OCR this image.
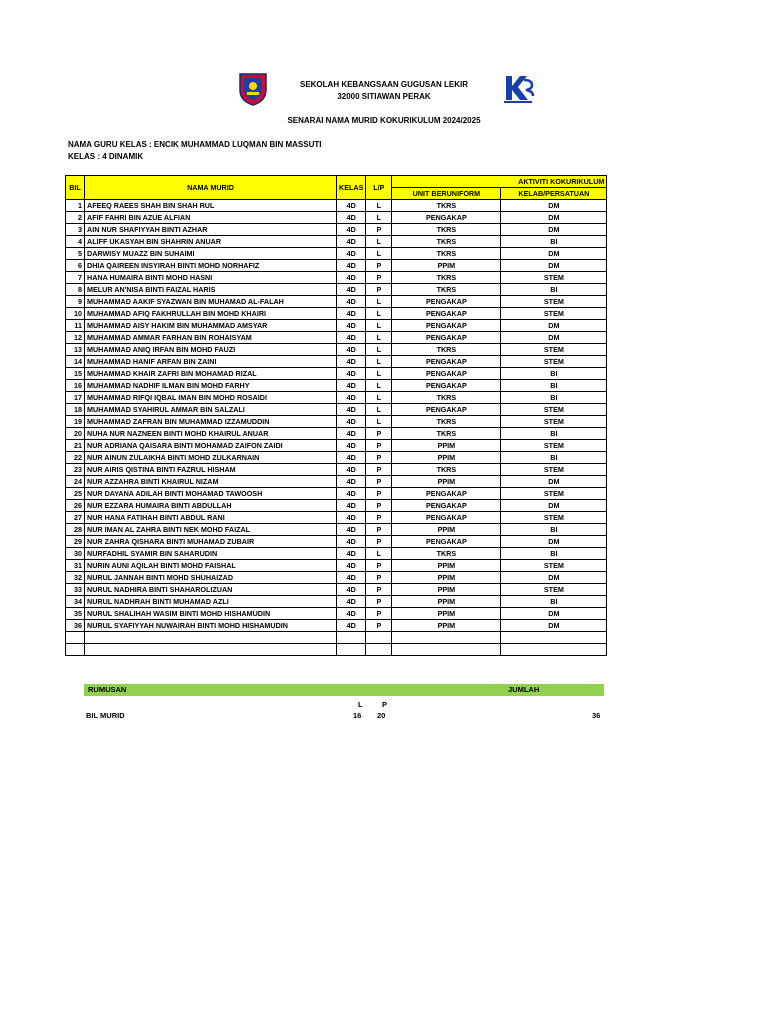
SEKOLAH KEBANGSAAN GUGUSAN LEKIR
32000 SITIAWAN PERAK
SENARAI NAMA MURID KOKURIKULUM 2024/2025
NAMA GURU KELAS : ENCIK MUHAMMAD LUQMAN BIN MASSUTI
KELAS : 4 DINAMIK
BIL	NAMA MURID	KELAS	L/P	AKTIVITI KOKURIKULUM	
				UNIT BERUNIFORM	KELAB/PERSATUAN
1	AFEEQ RAEES SHAH BIN SHAH RUL	4D	L	TKRS	DM
2	AFIF FAHRI BIN AZUE ALFIAN	4D	L	PENGAKAP	DM
3	AIN NUR SHAFIYYAH BINTI AZHAR	4D	P	TKRS	DM
4	ALIFF UKASYAH BIN SHAHRIN ANUAR	4D	L	TKRS	BI
5	DARWISY MUAZZ BIN SUHAIMI	4D	L	TKRS	DM
6	DHIA QAIREEN INSYIRAH BINTI MOHD NORHAFIZ	4D	P	PPIM	DM
7	HANA HUMAIRA BINTI MOHD HASNI	4D	P	TKRS	STEM
8	MELUR AN'NISA BINTI FAIZAL HARIS	4D	P	TKRS	BI
9	MUHAMMAD AAKIF SYAZWAN BIN MUHAMAD AL-FALAH	4D	L	PENGAKAP	STEM
10	MUHAMMAD AFIQ FAKHRULLAH BIN MOHD KHAIRI	4D	L	PENGAKAP	STEM
11	MUHAMMAD AISY HAKIM BIN MUHAMMAD AMSYAR	4D	L	PENGAKAP	DM
12	MUHAMMAD AMMAR FARHAN BIN ROHAISYAM	4D	L	PENGAKAP	DM
13	MUHAMMAD ANIQ IRFAN BIN MOHD FAUZI	4D	L	TKRS	STEM
14	MUHAMMAD HANIF ARFAN BIN ZAINI	4D	L	PENGAKAP	STEM
15	MUHAMMAD KHAIR ZAFRI BIN MOHAMAD RIZAL	4D	L	PENGAKAP	BI
16	MUHAMMAD NADHIF ILMAN BIN MOHD FARHY	4D	L	PENGAKAP	BI
17	MUHAMMAD RIFQI IQBAL IMAN BIN MOHD ROSAIDI	4D	L	TKRS	BI
18	MUHAMMAD SYAHIRUL AMMAR BIN SALZALI	4D	L	PENGAKAP	STEM
19	MUHAMMAD ZAFRAN BIN MUHAMMAD IZZAMUDDIN	4D	L	TKRS	STEM
20	NUHA NUR NAZNEEN BINTI MOHD KHAIRUL ANUAR	4D	P	TKRS	BI
21	NUR ADRIANA QAISARA BINTI MOHAMAD ZAIFON ZAIDI	4D	P	PPIM	STEM
22	NUR AINUN ZULAIKHA BINTI MOHD ZULKARNAIN	4D	P	PPIM	BI
23	NUR AIRIS QISTINA BINTI FAZRUL HISHAM	4D	P	TKRS	STEM
24	NUR AZZAHRA BINTI KHAIRUL NIZAM	4D	P	PPIM	DM
25	NUR DAYANA ADILAH BINTI MOHAMAD TAWOOSH	4D	P	PENGAKAP	STEM
26	NUR EZZARA HUMAIRA BINTI ABDULLAH	4D	P	PENGAKAP	DM
27	NUR HANA FATIHAH BINTI ABDUL RANI	4D	P	PENGAKAP	STEM
28	NUR IMAN AL ZAHRA BINTI NEK MOHD FAIZAL	4D	P	PPIM	BI
29	NUR ZAHRA QISHARA BINTI MUHAMAD ZUBAIR	4D	P	PENGAKAP	DM
30	NURFADHIL SYAMIR BIN SAHARUDIN	4D	L	TKRS	BI
31	NURIN AUNI AQILAH BINTI MOHD FAISHAL	4D	P	PPIM	STEM
32	NURUL JANNAH BINTI MOHD SHUHAIZAD	4D	P	PPIM	DM
33	NURUL NADHIRA BINTI SHAHAROLIZUAN	4D	P	PPIM	STEM
34	NURUL NADHRAH BINTI MUHAMAD AZLI	4D	P	PPIM	BI
35	NURUL SHALIHAH WASIM BINTI MOHD HISHAMUDIN	4D	P	PPIM	DM
36	NURUL SYAFIYYAH NUWAIRAH BINTI MOHD HISHAMUDIN	4D	P	PPIM	DM

RUMUSAN	JUMLAH
L	P
BIL MURID	16 20	36
